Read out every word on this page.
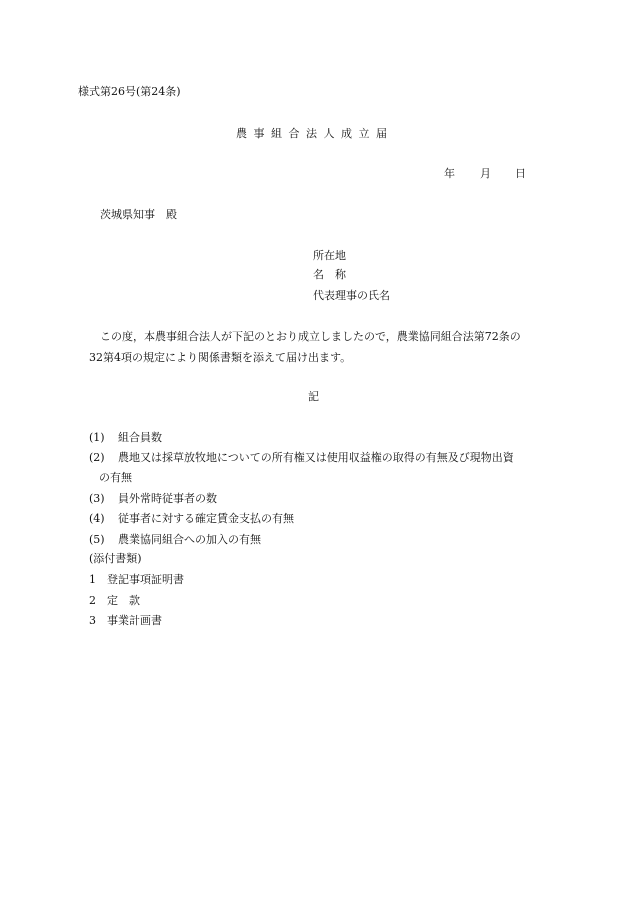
様式第26号(第24条)
農事組合法人成立届
年 月 日
茨城県知事　殿
所在地
名　称
代表理事の氏名
この度，本農事組合法人が下記のとおり成立しましたので，農業協同組合法第72条の
32第4項の規定により関係書類を添えて届け出ます。
記
(1) 組合員数
(2) 農地又は採草放牧地についての所有権又は使用収益権の取得の有無及び現物出資
の有無
(3) 員外常時従事者の数
(4) 従事者に対する確定賃金支払の有無
(5) 農業協同組合への加入の有無
(添付書類)
1 登記事項証明書
2 定　款
3 事業計画書
